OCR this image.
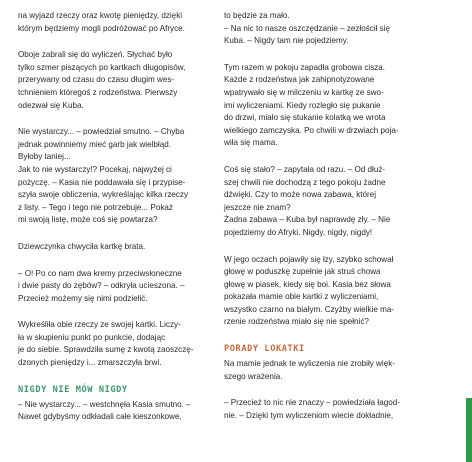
na wyjazd rzeczy oraz kwotę pieniędzy, dzięki
którym będziemy mogli podróżować po Afryce.

Oboje zabrali się do wyliczeń. Słychać było
tylko szmer piszących po kartkach długopisów,
przerywany od czasu do czasu długim wes-
tchnieniem któregoś z rodzeństwa. Pierwszy
odezwał się Kuba.

Nie wystarczy... – powiedział smutno. – Chyba
jednak powinniemy mieć garb jak wielbłąd.
Byłoby taniej...
Jak to nie wystarczy!? Pocekaj, najwyżej ci
pożyczę. – Kasia nie poddawała się i przypise-
szyła swoje obliczenia, wykreślając kilka rzeczy
z listy. – Tego i tego nie potrzebuje... Pokaż
mi swoją listę, może coś się powtarza?

Dziewczynka chwyciła kartkę brata.

– O! Po co nam dwa kremy przeciwsłoneczne
i dwie pasty do zębów? – odkryła ucieszona. –
Przecież możemy się nimi podzielić.

Wykreśliła obie rzeczy ze swojej kartki. Liczy-
ła w skupieniu punkt po punkcie, dodając
je do siebie. Sprawdziła sumę z kwotą zaoszczę-
dzonych pieniędzy i... zmarszczyła brwi.

NIGDY NIE MÓW NIGDY

– Nie wystarczy... – westchnęła Kasia smutno. –
Nawet gdybyśmy odkładali całe kieszonkowe,

to będzie za mało.
– Na nic to nasze oszczędzanie – zezłościł się
Kuba. – Nigdy tam nie pojedziemy.

Tym razem w pokoju zapadła grobowa cisza.
Każde z rodzeństwa jak zahipnotyzowane
wpatrywało się w milczeniu w kartkę ze swo-
imi wyliczeniami. Kiedy rozległo się pukanie
do drzwi, miało się stukanie kolatką we wrota
wielkiego zamczyska. Po chwili w drzwiach poja-
wiła się mama.

Coś się stało? – zapytała od razu. – Od dłuż-
szej chwili nie dochodzą z tego pokoju żadne
dźwięki. Czy to może nowa zabawa, której
jeszcze nie znam?
Żadna zabawa – Kuba był naprawdę zły. – Nie
pojedziemy do Afryki. Nigdy, nigdy, nigdy!

W jego oczach pojawiły się łzy, szybko schował
głowę w poduszkę zupełnie jak struś chowa
głowę w piasek, kiedy się boi. Kasia bez słowa
pokazała mamie obie kartki z wyliczeniami,
wszystko czarno na białym. Czyżby wielkie ma-
rzenie rodzeństwa miało się nie spełnić?

PORADY LOKATKI

Na mamie jednak te wyliczenia nie zrobiły więk-
szego wrażenia.

– Przecież to nic nie znaczy – powiedziała łagod-
nie. – Dzięki tym wyliczeniom wiecie dokładnie,
